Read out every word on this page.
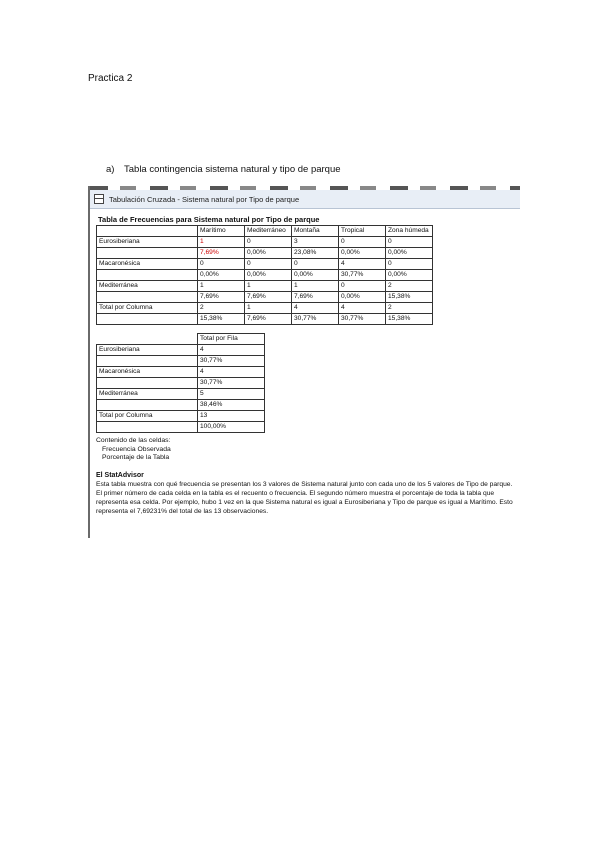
Practica 2
a) Tabla contingencia sistema natural y tipo de parque
Tabulación Cruzada - Sistema natural por Tipo de parque
Tabla de Frecuencias para Sistema natural por Tipo de parque
	Marítimo	Mediterráneo	Montaña	Tropical	Zona húmeda
Eurosiberiana	1	0	3	0	0
	7,69%	0,00%	23,08%	0,00%	0,00%
Macaronésica	0	0	0	4	0
	0,00%	0,00%	0,00%	30,77%	0,00%
Mediterránea	1	1	1	0	2
	7,69%	7,69%	7,69%	0,00%	15,38%
Total por Columna	2	1	4	4	2
	15,38%	7,69%	30,77%	30,77%	15,38%
	Total por Fila
Eurosiberiana	4
	30,77%
Macaronésica	4
	30,77%
Mediterránea	5
	38,46%
Total por Columna	13
	100,00%
Contenido de las celdas:
Frecuencia Observada
Porcentaje de la Tabla
El StatAdvisor
Esta tabla muestra con qué frecuencia se presentan los 3 valores de Sistema natural junto con cada uno de los 5 valores de Tipo de parque. El primer número de cada celda en la tabla es el recuento o frecuencia. El segundo número muestra el porcentaje de toda la tabla que representa esa celda. Por ejemplo, hubo 1 vez en la que Sistema natural es igual a Eurosiberiana y Tipo de parque es igual a Marítimo. Esto representa el 7,69231% del total de las 13 observaciones.
